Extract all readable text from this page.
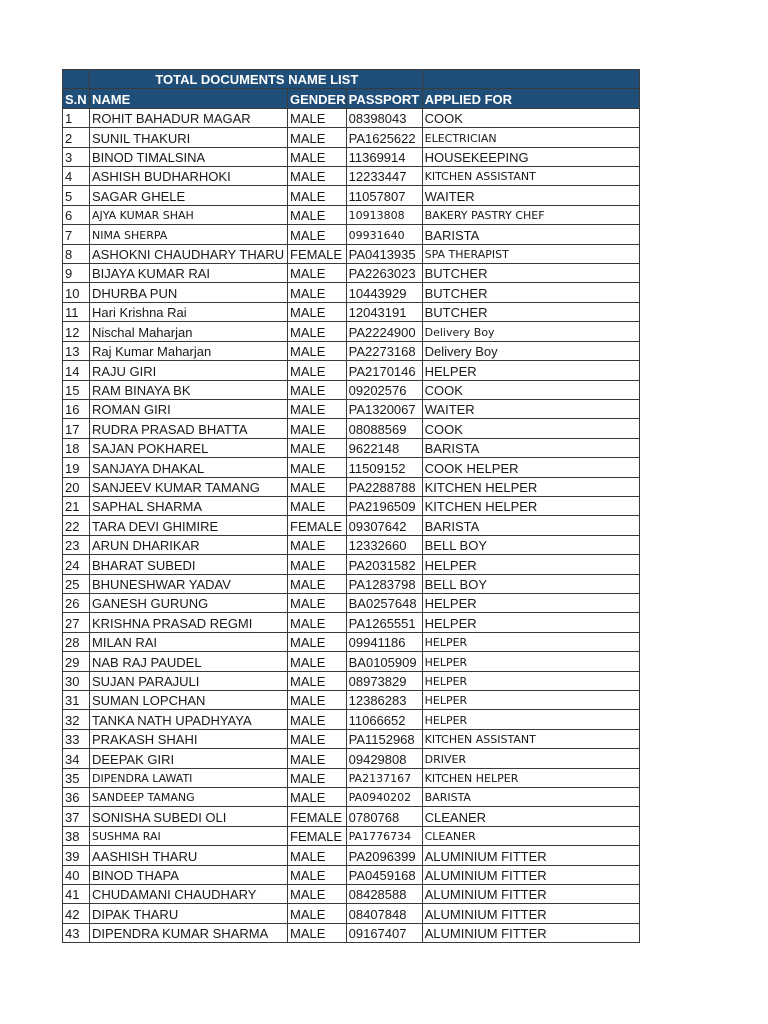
	TOTAL DOCUMENTS NAME LIST			
S.N	NAME	GENDER	PASSPORT	APPLIED FOR
1	ROHIT BAHADUR MAGAR	MALE	08398043	COOK
2	SUNIL THAKURI	MALE	PA1625622	ELECTRICIAN
3	BINOD TIMALSINA	MALE	11369914	HOUSEKEEPING
4	ASHISH BUDHARHOKI	MALE	12233447	KITCHEN ASSISTANT
5	SAGAR GHELE	MALE	11057807	WAITER
6	AJYA KUMAR SHAH	MALE	10913808	BAKERY PASTRY CHEF
7	NIMA SHERPA	MALE	09931640	BARISTA
8	ASHOKNI CHAUDHARY THARU	FEMALE	PA0413935	SPA THERAPIST
9	BIJAYA KUMAR RAI	MALE	PA2263023	BUTCHER
10	DHURBA PUN	MALE	10443929	BUTCHER
11	Hari Krishna Rai	MALE	12043191	BUTCHER
12	Nischal Maharjan	MALE	PA2224900	Delivery Boy
13	Raj Kumar Maharjan	MALE	PA2273168	Delivery Boy
14	RAJU GIRI	MALE	PA2170146	HELPER
15	RAM BINAYA BK	MALE	09202576	COOK
16	ROMAN GIRI	MALE	PA1320067	WAITER
17	RUDRA PRASAD BHATTA	MALE	08088569	COOK
18	SAJAN POKHAREL	MALE	9622148	BARISTA
19	SANJAYA DHAKAL	MALE	11509152	COOK HELPER
20	SANJEEV KUMAR TAMANG	MALE	PA2288788	KITCHEN HELPER
21	SAPHAL SHARMA	MALE	PA2196509	KITCHEN HELPER
22	TARA DEVI GHIMIRE	FEMALE	09307642	BARISTA
23	ARUN DHARIKAR	MALE	12332660	BELL BOY
24	BHARAT SUBEDI	MALE	PA2031582	HELPER
25	BHUNESHWAR YADAV	MALE	PA1283798	BELL BOY
26	GANESH GURUNG	MALE	BA0257648	HELPER
27	KRISHNA PRASAD REGMI	MALE	PA1265551	HELPER
28	MILAN RAI	MALE	09941186	HELPER
29	NAB RAJ PAUDEL	MALE	BA0105909	HELPER
30	SUJAN PARAJULI	MALE	08973829	HELPER
31	SUMAN LOPCHAN	MALE	12386283	HELPER
32	TANKA NATH UPADHYAYA	MALE	11066652	HELPER
33	PRAKASH SHAHI	MALE	PA1152968	KITCHEN ASSISTANT
34	DEEPAK GIRI	MALE	09429808	DRIVER
35	DIPENDRA LAWATI	MALE	PA2137167	KITCHEN HELPER
36	SANDEEP TAMANG	MALE	PA0940202	BARISTA
37	SONISHA SUBEDI OLI	FEMALE	0780768	CLEANER
38	SUSHMA RAI	FEMALE	PA1776734	CLEANER
39	AASHISH THARU	MALE	PA2096399	ALUMINIUM FITTER
40	BINOD THAPA	MALE	PA0459168	ALUMINIUM FITTER
41	CHUDAMANI CHAUDHARY	MALE	08428588	ALUMINIUM FITTER
42	DIPAK THARU	MALE	08407848	ALUMINIUM FITTER
43	DIPENDRA KUMAR SHARMA	MALE	09167407	ALUMINIUM FITTER
